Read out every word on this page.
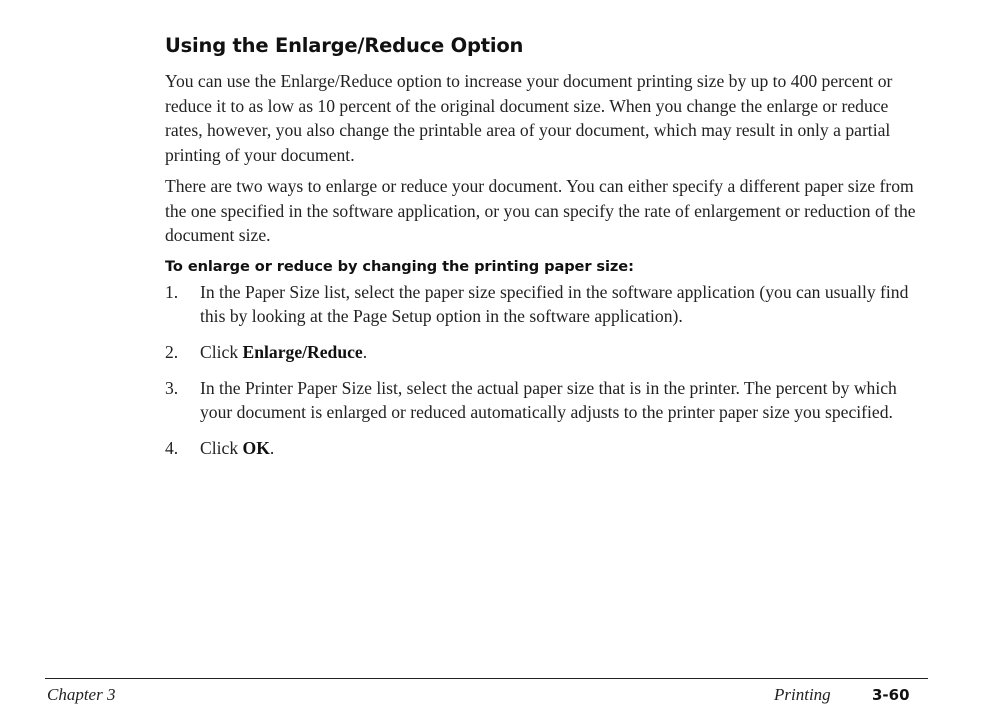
Using the Enlarge/Reduce Option

You can use the Enlarge/Reduce option to increase your document printing size by up to 400 percent or reduce it to as low as 10 percent of the original document size. When you change the enlarge or reduce rates, however, you also change the printable area of your document, which may result in only a partial printing of your document.

There are two ways to enlarge or reduce your document. You can either specify a different paper size from the one specified in the software application, or you can specify the rate of enlargement or reduction of the document size.

To enlarge or reduce by changing the printing paper size:
1. In the Paper Size list, select the paper size specified in the software application (you can usually find this by looking at the Page Setup option in the software application).
2. Click Enlarge/Reduce.
3. In the Printer Paper Size list, select the actual paper size that is in the printer. The percent by which your document is enlarged or reduced automatically adjusts to the printer paper size you specified.
4. Click OK.
Chapter 3	Printing	3-60
